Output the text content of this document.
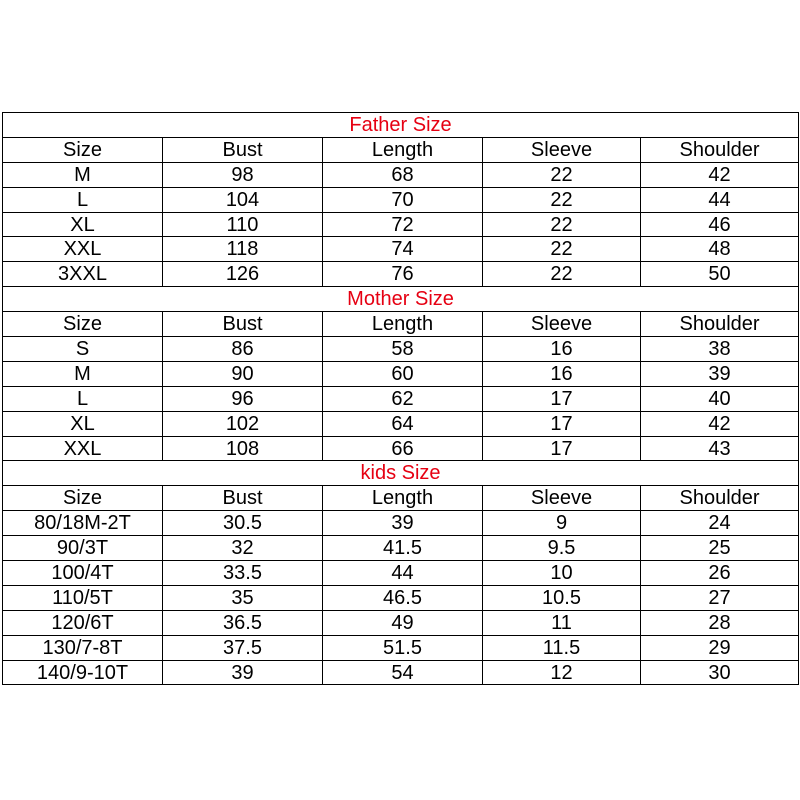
Father Size				
Size	Bust	Length	Sleeve	Shoulder
M	98	68	22	42
L	104	70	22	44
XL	110	72	22	46
XXL	118	74	22	48
3XXL	126	76	22	50
Mother Size				
Size	Bust	Length	Sleeve	Shoulder
S	86	58	16	38
M	90	60	16	39
L	96	62	17	40
XL	102	64	17	42
XXL	108	66	17	43
kids Size				
Size	Bust	Length	Sleeve	Shoulder
80/18M-2T	30.5	39	9	24
90/3T	32	41.5	9.5	25
100/4T	33.5	44	10	26
110/5T	35	46.5	10.5	27
120/6T	36.5	49	11	28
130/7-8T	37.5	51.5	11.5	29
140/9-10T	39	54	12	30
